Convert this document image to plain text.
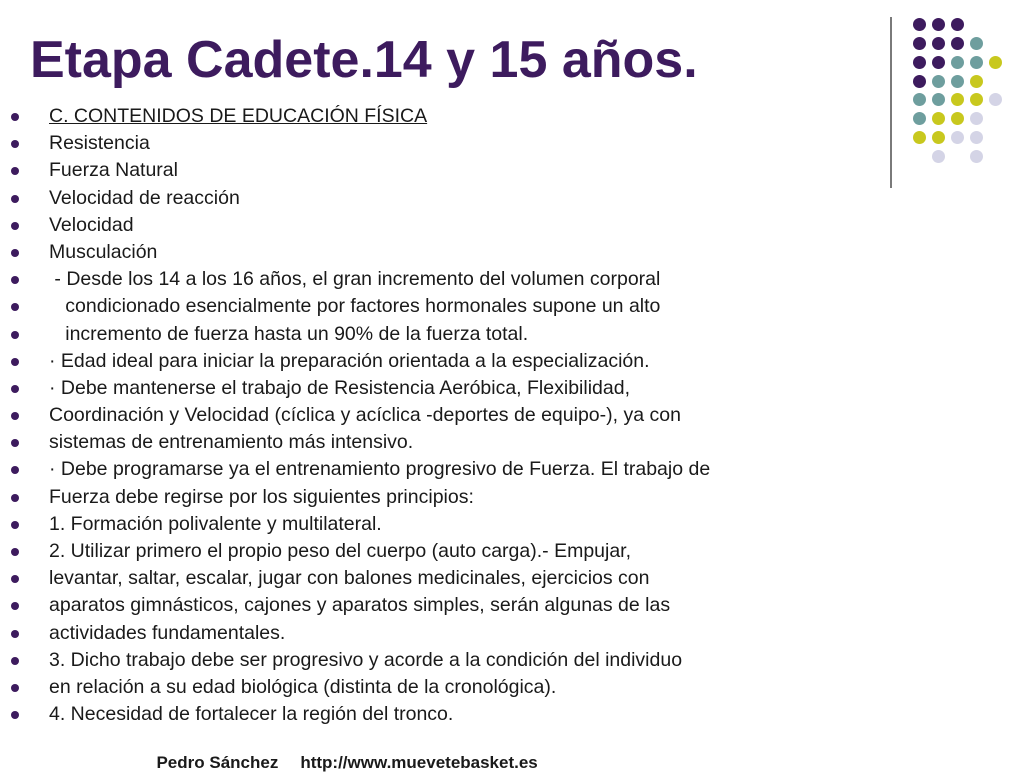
Etapa Cadete.14 y 15 años.
C. CONTENIDOS DE EDUCACIÓN FÍSICA
Resistencia
Fuerza Natural
Velocidad de reacción
Velocidad
Musculación
- Desde los 14 a los 16 años, el gran incremento del volumen corporal
condicionado esencialmente por factores hormonales supone un alto
incremento de fuerza hasta un 90% de la fuerza total.
· Edad ideal para iniciar la preparación orientada a la especialización.
· Debe mantenerse el trabajo de Resistencia Aeróbica, Flexibilidad,
Coordinación y Velocidad (cíclica y acíclica -deportes de equipo-), ya con
sistemas de entrenamiento más intensivo.
· Debe programarse ya el entrenamiento progresivo de Fuerza. El trabajo de
Fuerza debe regirse por los siguientes principios:
1. Formación polivalente y multilateral.
2. Utilizar primero el propio peso del cuerpo (auto carga).- Empujar,
levantar, saltar, escalar, jugar con balones medicinales, ejercicios con
aparatos gimnásticos, cajones y aparatos simples, serán algunas de las
actividades fundamentales.
3. Dicho trabajo debe ser progresivo y acorde a la condición del individuo
en relación a su edad biológica (distinta de la cronológica).
4. Necesidad de fortalecer la región del tronco.

Pedro Sánchez http://www.muevetebasket.es
